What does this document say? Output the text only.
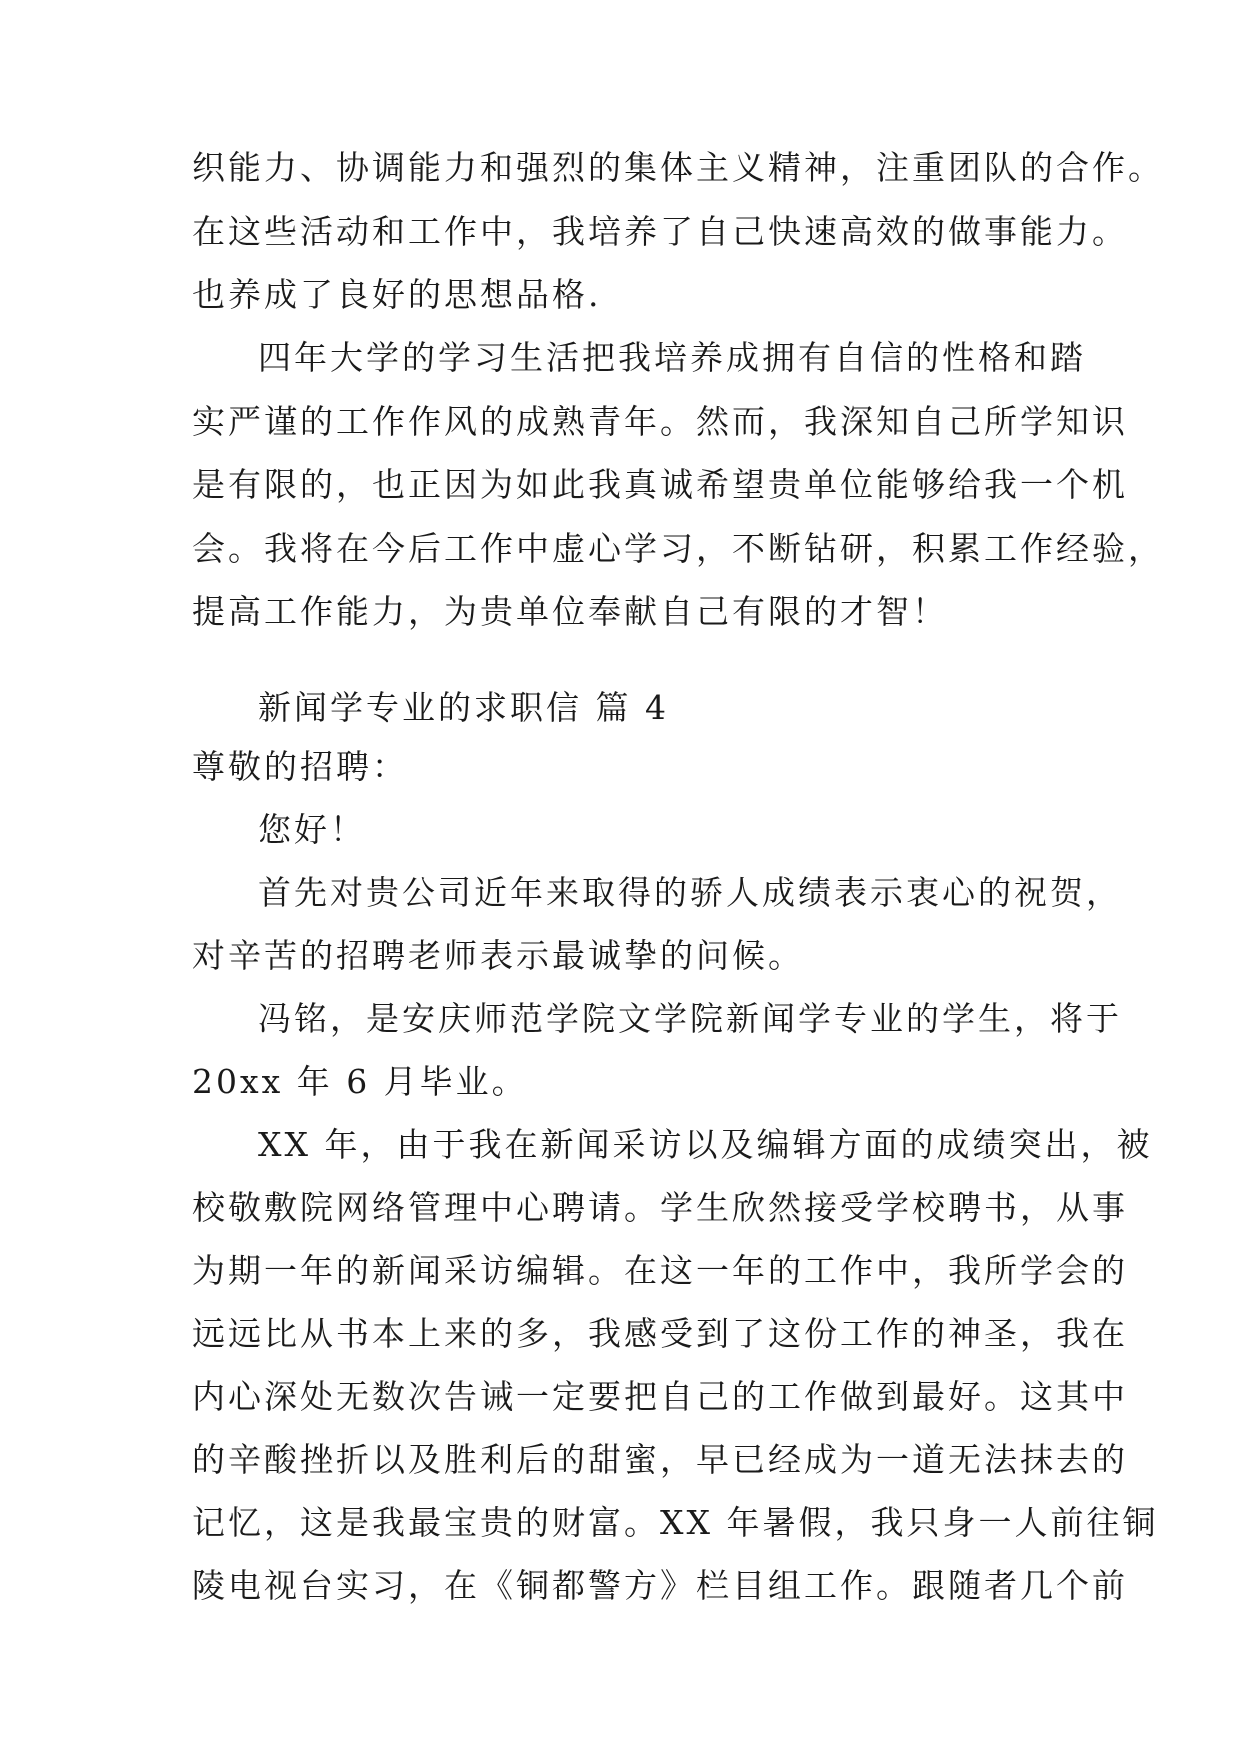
织能力、协调能力和强烈的集体主义精神，注重团队的合作。
在这些活动和工作中，我培养了自己快速高效的做事能力。
也养成了良好的思想品格.
四年大学的学习生活把我培养成拥有自信的性格和踏
实严谨的工作作风的成熟青年。然而，我深知自己所学知识
是有限的，也正因为如此我真诚希望贵单位能够给我一个机
会。我将在今后工作中虚心学习，不断钻研，积累工作经验，
提高工作能力，为贵单位奉献自己有限的才智！
新闻学专业的求职信 篇 4
尊敬的招聘：
您好！
首先对贵公司近年来取得的骄人成绩表示衷心的祝贺，
对辛苦的招聘老师表示最诚挚的问候。
冯铭，是安庆师范学院文学院新闻学专业的学生，将于
20xx 年 6 月毕业。
XX 年，由于我在新闻采访以及编辑方面的成绩突出，被
校敬敷院网络管理中心聘请。学生欣然接受学校聘书，从事
为期一年的新闻采访编辑。在这一年的工作中，我所学会的
远远比从书本上来的多，我感受到了这份工作的神圣，我在
内心深处无数次告诫一定要把自己的工作做到最好。这其中
的辛酸挫折以及胜利后的甜蜜，早已经成为一道无法抹去的
记忆，这是我最宝贵的财富。XX 年暑假，我只身一人前往铜
陵电视台实习，在《铜都警方》栏目组工作。跟随者几个前
